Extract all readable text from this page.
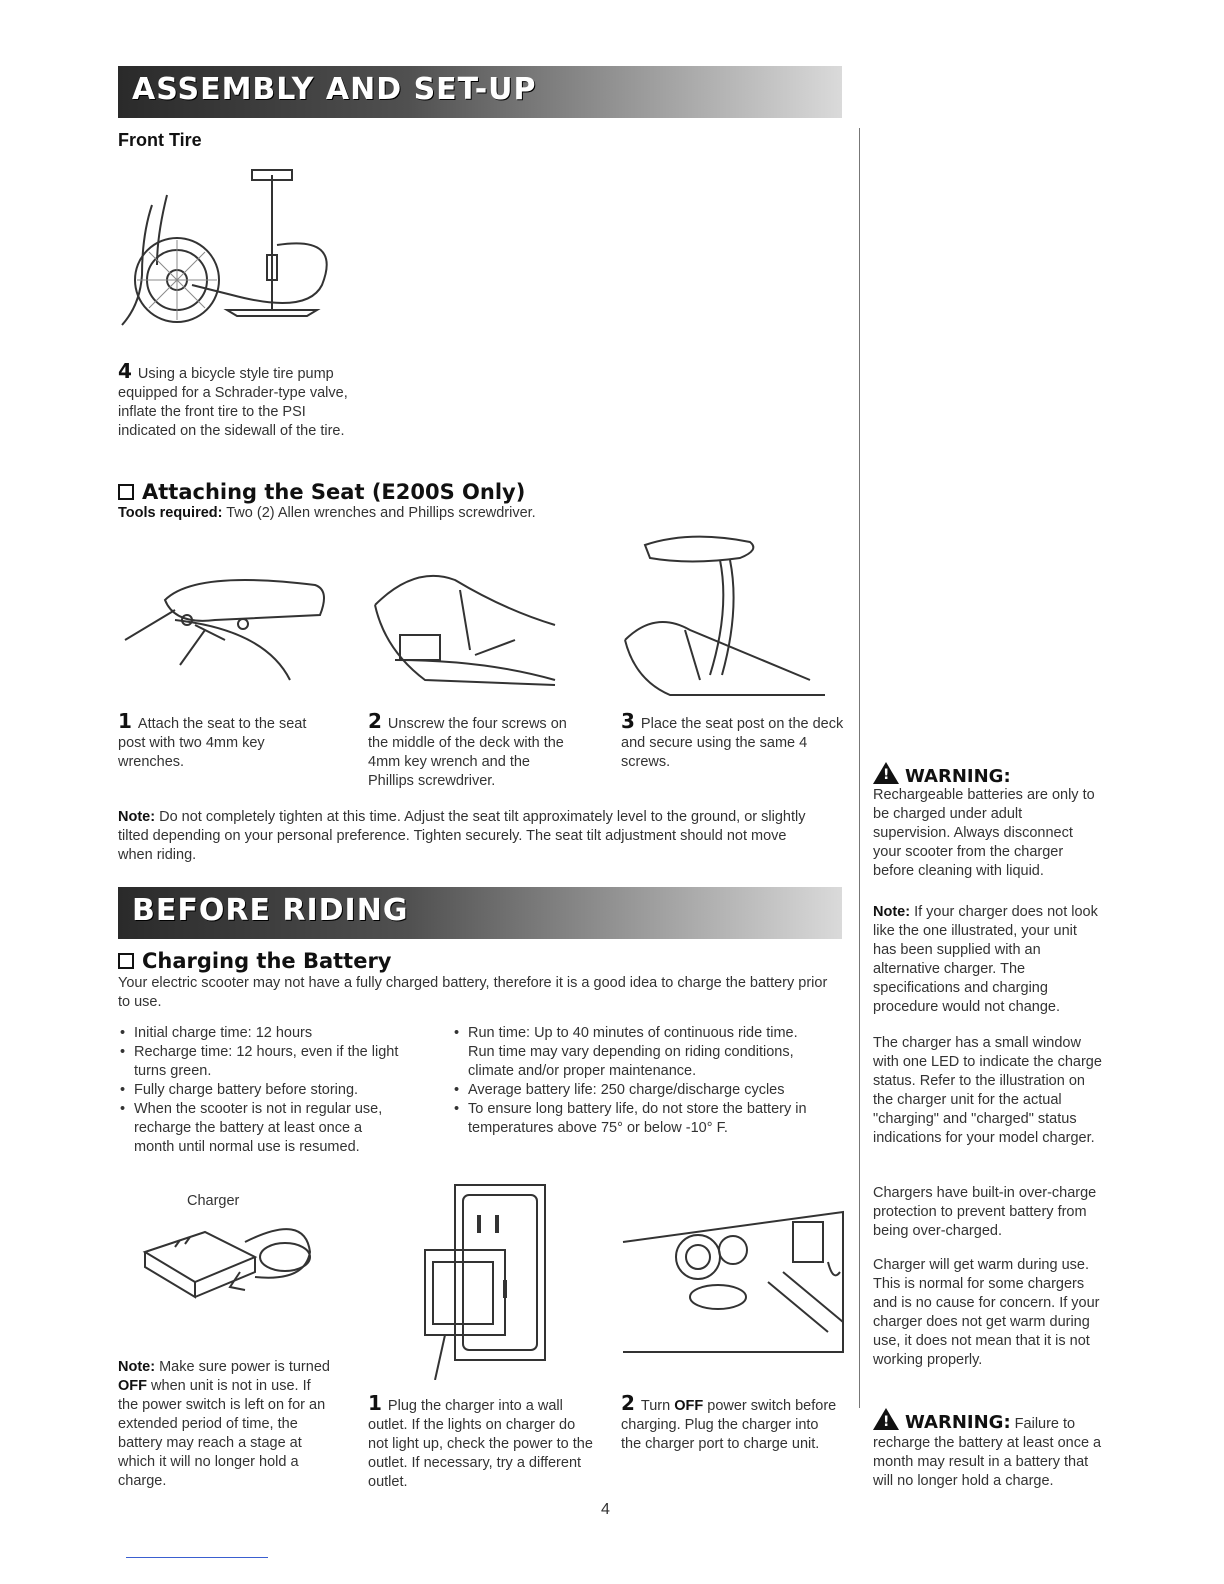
ASSEMBLY AND SET-UP
Front Tire
4 Using a bicycle style tire pump equipped for a Schrader-type valve, inflate the front tire to the PSI indicated on the sidewall of the tire.
Attaching the Seat (E200S Only)
Tools required: Two (2) Allen wrenches and Phillips screwdriver.
1 Attach the seat to the seat post with two 4mm key wrenches.
2 Unscrew the four screws on the middle of the deck with the 4mm key wrench and the Phillips screwdriver.
3 Place the seat post on the deck and secure using the same 4 screws.
Note: Do not completely tighten at this time. Adjust the seat tilt approximately level to the ground, or slightly tilted depending on your personal preference. Tighten securely. The seat tilt adjustment should not move when riding.
BEFORE RIDING
Charging the Battery
Your electric scooter may not have a fully charged battery, therefore it is a good idea to charge the battery prior to use.
• Initial charge time: 12 hours
• Recharge time: 12 hours, even if the light turns green.
• Fully charge battery before storing.
• When the scooter is not in regular use, recharge the battery at least once a month until normal use is resumed.
• Run time: Up to 40 minutes of continuous ride time. Run time may vary depending on riding conditions, climate and/or proper maintenance.
• Average battery life: 250 charge/discharge cycles
• To ensure long battery life, do not store the battery in temperatures above 75° or below -10° F.
Charger
Note: Make sure power is turned OFF when unit is not in use. If the power switch is left on for an extended period of time, the battery may reach a stage at which it will no longer hold a charge.
1 Plug the charger into a wall outlet. If the lights on charger do not light up, check the power to the outlet. If necessary, try a different outlet.
2 Turn OFF power switch before charging. Plug the charger into the charger port to charge unit.
!WARNING:
Rechargeable batteries are only to be charged under adult supervision. Always disconnect your scooter from the charger before cleaning with liquid.
Note: If your charger does not look like the one illustrated, your unit has been supplied with an alternative charger. The specifications and charging procedure would not change.
The charger has a small window with one LED to indicate the charge status. Refer to the illustration on the charger unit for the actual "charging" and "charged" status indications for your model charger.
Chargers have built-in over-charge protection to prevent battery from being over-charged.
Charger will get warm during use. This is normal for some chargers and is no cause for concern. If your charger does not get warm during use, it does not mean that it is not working properly.
!WARNING: Failure to recharge the battery at least once a month may result in a battery that will no longer hold a charge.
4
